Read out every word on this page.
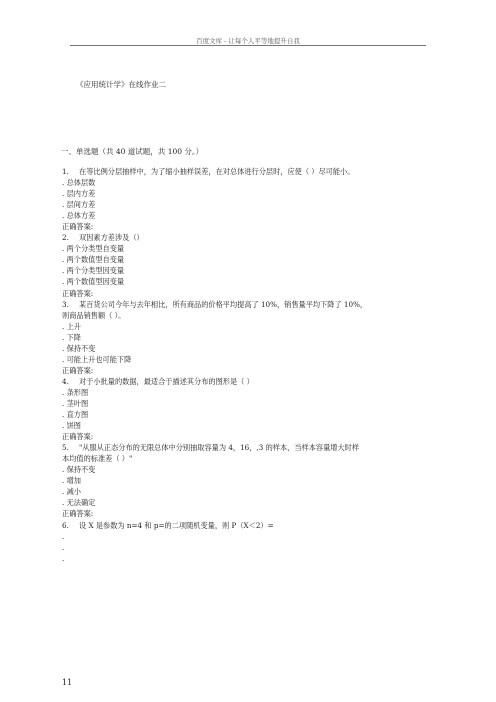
百度文库 - 让每个人平等地提升自我
《应用统计学》在线作业二
一、单选题（共 40 道试题，共 100 分。）
1.	在等比例分层抽样中，为了缩小抽样误差，在对总体进行分层时，应使（ ）尽可能小。
. 总体层数
. 层内方差
. 层间方差
. 总体方差
正确答案:
2.	双因素方差涉及（）
. 两个分类型自变量
. 两个数值型自变量
. 两个分类型因变量
. 两个数值型因变量
正确答案:
3.	某百货公司今年与去年相比，所有商品的价格平均提高了 10%，销售量平均下降了 10%，
则商品销售额（ ）。
. 上升
. 下降
. 保持不变
. 可能上升也可能下降
正确答案:
4.	对于小批量的数据，最适合于描述其分布的图形是（ ）
. 条形图
. 茎叶图
. 直方图
. 饼图
正确答案:
5.	"从服从正态分布的无限总体中分别抽取容量为 4，16，,3 的样本，当样本容量增大时样
本均值的标准差（ ）"
. 保持不变
. 增加
. 减小
. 无法确定
正确答案:
6.	设 X 是参数为 n=4 和 p=的二项随机变量，则 P（X＜2）=
.
.
.
11
